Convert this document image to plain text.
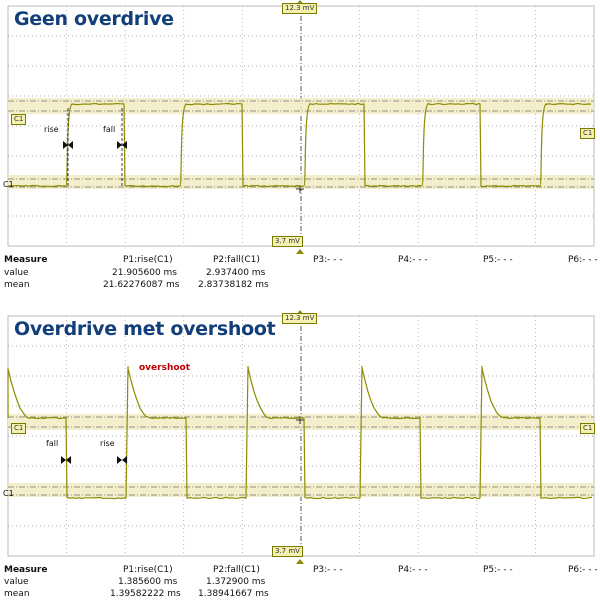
Geen overdrive	12.3 mV
3.7 mV
C1
C1
C1
rise	fall
Measure	P1:rise(C1)	P2:fall(C1)	P3:- - -	P4:- - -	P5:- - -	P6:- - -
value	21.905600 ms	2.937400 ms
mean	21.62276087 ms 2.83738182 ms
Overdrive met overshoot	12.3 mV
3.7 mV
C1	C1
C1
fall	rise
overshoot
Measure	P1:rise(C1)	P2:fall(C1)	P3:- - -	P4:- - -	P5:- - -	P6:- - -
value	1.385600 ms	1.372900 ms
mean	1.39582222 ms 1.38941667 ms
